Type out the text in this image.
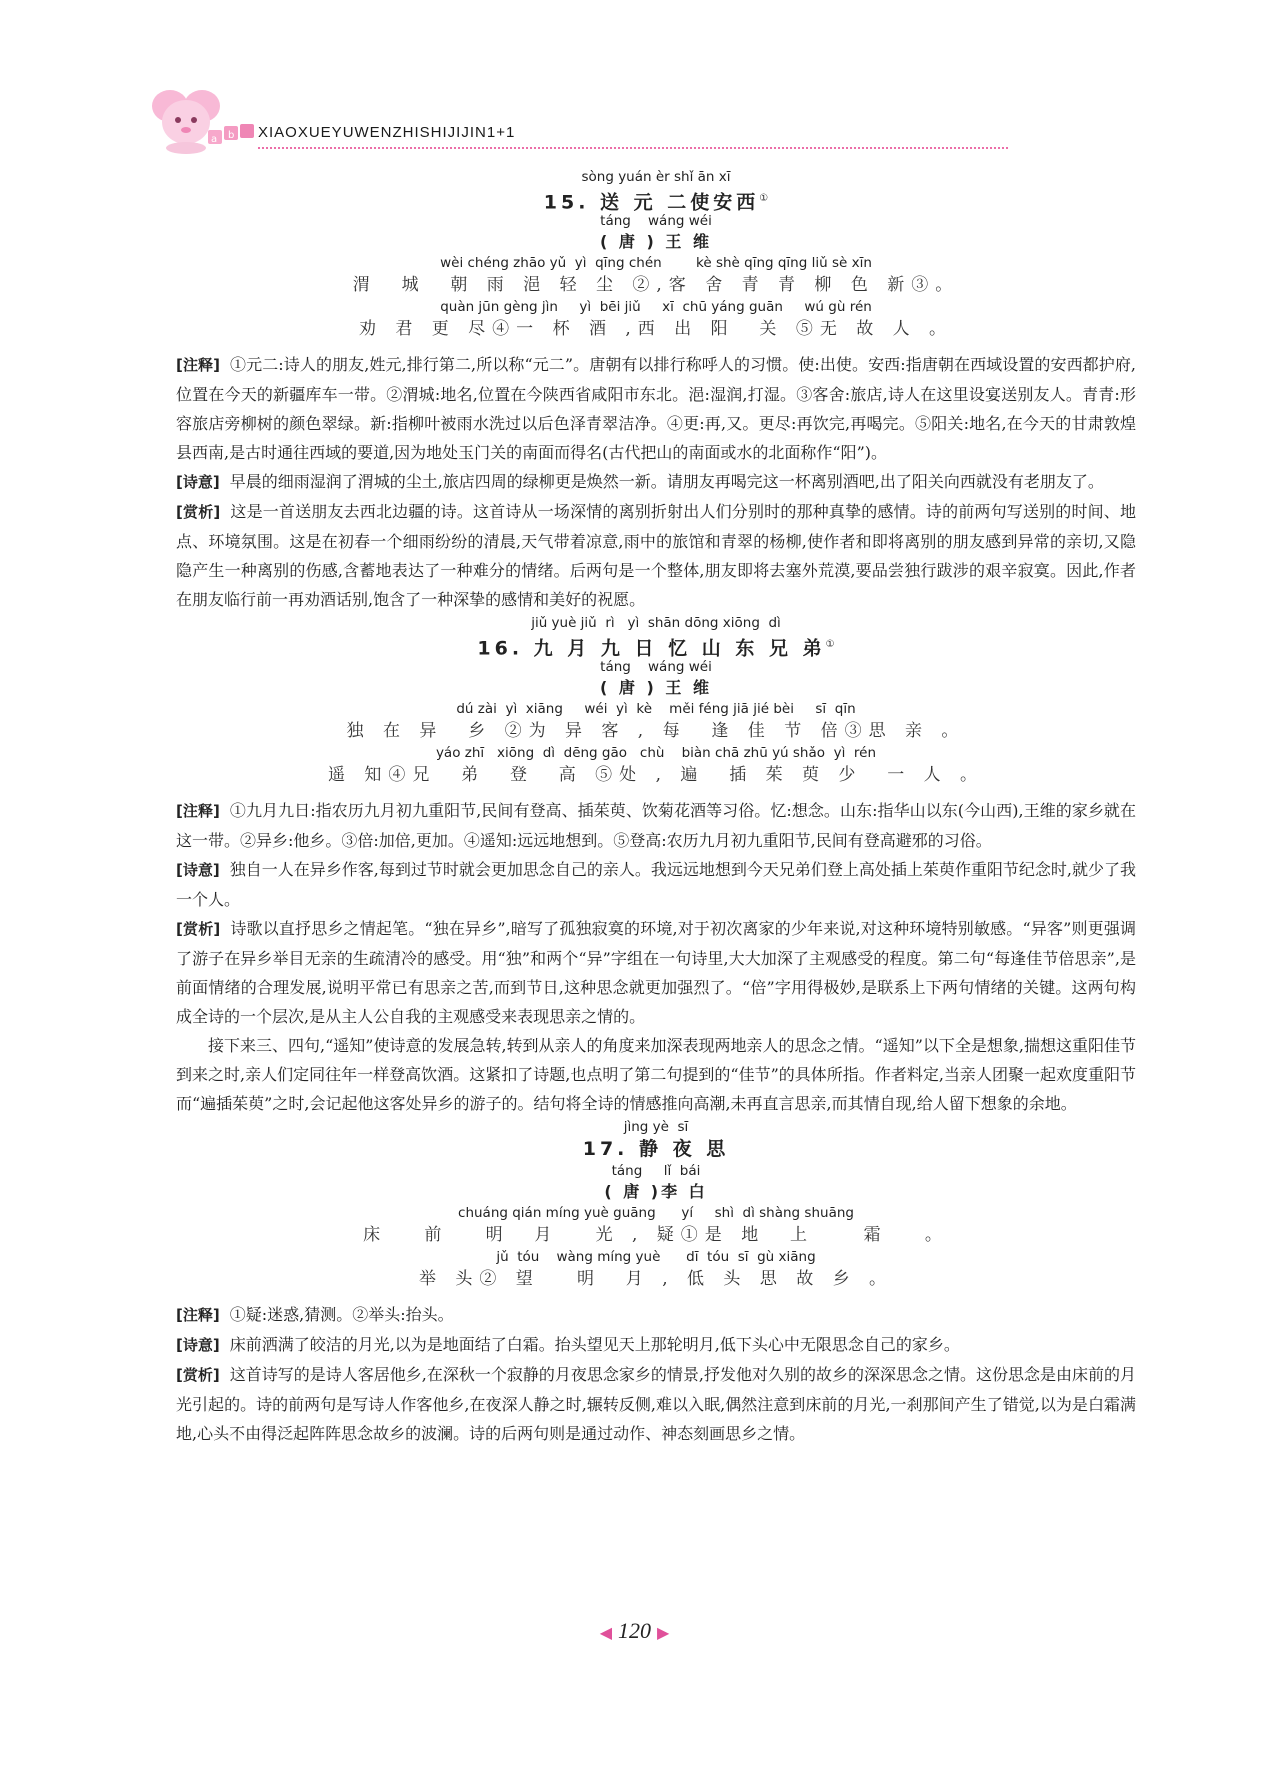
a b XIAOXUEYUWENZHISHIJIJIN1+1
sòng yuán èr shǐ ān xī
15. 送 元 二使安西①
táng    wáng wéi
( 唐 ) 王 维
wèi chéng zhāo yǔ  yì  qīng chén        kè shè qīng qīng liǔ sè xīn
渭  城  朝 雨 浥 轻 尘 ②,客 舍 青 青 柳 色 新③。
quàn jūn gèng jìn     yì  bēi jiǔ     xī  chū yáng guān     wú gù rén
劝 君 更 尽④一 杯 酒 ,西 出 阳  关 ⑤无 故 人 。

[注释] ①元二:诗人的朋友,姓元,排行第二,所以称“元二”。唐朝有以排行称呼人的习惯。使:出使。安西:指唐朝在西域设置的安西都护府,位置在今天的新疆库车一带。②渭城:地名,位置在今陕西省咸阳市东北。浥:湿润,打湿。③客舍:旅店,诗人在这里设宴送别友人。青青:形容旅店旁柳树的颜色翠绿。新:指柳叶被雨水洗过以后色泽青翠洁净。④更:再,又。更尽:再饮完,再喝完。⑤阳关:地名,在今天的甘肃敦煌县西南,是古时通往西域的要道,因为地处玉门关的南面而得名(古代把山的南面或水的北面称作“阳”)。

[诗意] 早晨的细雨湿润了渭城的尘土,旅店四周的绿柳更是焕然一新。请朋友再喝完这一杯离别酒吧,出了阳关向西就没有老朋友了。

[赏析] 这是一首送朋友去西北边疆的诗。这首诗从一场深情的离别折射出人们分别时的那种真挚的感情。诗的前两句写送别的时间、地点、环境氛围。这是在初春一个细雨纷纷的清晨,天气带着凉意,雨中的旅馆和青翠的杨柳,使作者和即将离别的朋友感到异常的亲切,又隐隐产生一种离别的伤感,含蓄地表达了一种难分的情绪。后两句是一个整体,朋友即将去塞外荒漠,要品尝独行跋涉的艰辛寂寞。因此,作者在朋友临行前一再劝酒话别,饱含了一种深挚的感情和美好的祝愿。

jiǔ yuè jiǔ  rì   yì  shān dōng xiōng  dì
16. 九 月 九 日 忆 山 东 兄 弟①
táng    wáng wéi
( 唐 ) 王 维
dú zài  yì  xiāng     wéi  yì  kè    měi féng jiā jié bèi     sī  qīn
独 在 异  乡 ②为 异 客 , 每  逢 佳 节 倍③思 亲 。
yáo zhī   xiōng  dì  dēng gāo   chù    biàn chā zhū yú shǎo  yì  rén
遥 知④兄  弟  登  高 ⑤处 , 遍  插 茱 萸 少  一 人 。

[注释] ①九月九日:指农历九月初九重阳节,民间有登高、插茱萸、饮菊花酒等习俗。忆:想念。山东:指华山以东(今山西),王维的家乡就在这一带。②异乡:他乡。③倍:加倍,更加。④遥知:远远地想到。⑤登高:农历九月初九重阳节,民间有登高避邪的习俗。

[诗意] 独自一人在异乡作客,每到过节时就会更加思念自己的亲人。我远远地想到今天兄弟们登上高处插上茱萸作重阳节纪念时,就少了我一个人。

[赏析] 诗歌以直抒思乡之情起笔。“独在异乡”,暗写了孤独寂寞的环境,对于初次离家的少年来说,对这种环境特别敏感。“异客”则更强调了游子在异乡举目无亲的生疏清冷的感受。用“独”和两个“异”字组在一句诗里,大大加深了主观感受的程度。第二句“每逢佳节倍思亲”,是前面情绪的合理发展,说明平常已有思亲之苦,而到节日,这种思念就更加强烈了。“倍”字用得极妙,是联系上下两句情绪的关键。这两句构成全诗的一个层次,是从主人公自我的主观感受来表现思亲之情的。

接下来三、四句,“遥知”使诗意的发展急转,转到从亲人的角度来加深表现两地亲人的思念之情。“遥知”以下全是想象,揣想这重阳佳节到来之时,亲人们定同往年一样登高饮酒。这紧扣了诗题,也点明了第二句提到的“佳节”的具体所指。作者料定,当亲人团聚一起欢度重阳节而“遍插茱萸”之时,会记起他这客处异乡的游子的。结句将全诗的情感推向高潮,未再直言思亲,而其情自现,给人留下想象的余地。

jìng yè  sī
17. 静 夜 思
táng     lǐ  bái
( 唐 )李 白
chuáng qián míng yuè guāng      yí     shì  dì shàng shuāng
床   前   明  月   光 , 疑①是 地  上    霜   。
jǔ  tóu    wàng míng yuè      dī  tóu  sī  gù xiāng
举 头② 望   明  月 , 低 头 思 故 乡 。

[注释] ①疑:迷惑,猜测。②举头:抬头。

[诗意] 床前洒满了皎洁的月光,以为是地面结了白霜。抬头望见天上那轮明月,低下头心中无限思念自己的家乡。

[赏析] 这首诗写的是诗人客居他乡,在深秋一个寂静的月夜思念家乡的情景,抒发他对久别的故乡的深深思念之情。这份思念是由床前的月光引起的。诗的前两句是写诗人作客他乡,在夜深人静之时,辗转反侧,难以入眠,偶然注意到床前的月光,一刹那间产生了错觉,以为是白霜满地,心头不由得泛起阵阵思念故乡的波澜。诗的后两句则是通过动作、神态刻画思乡之情。

◀ 120 ▶
